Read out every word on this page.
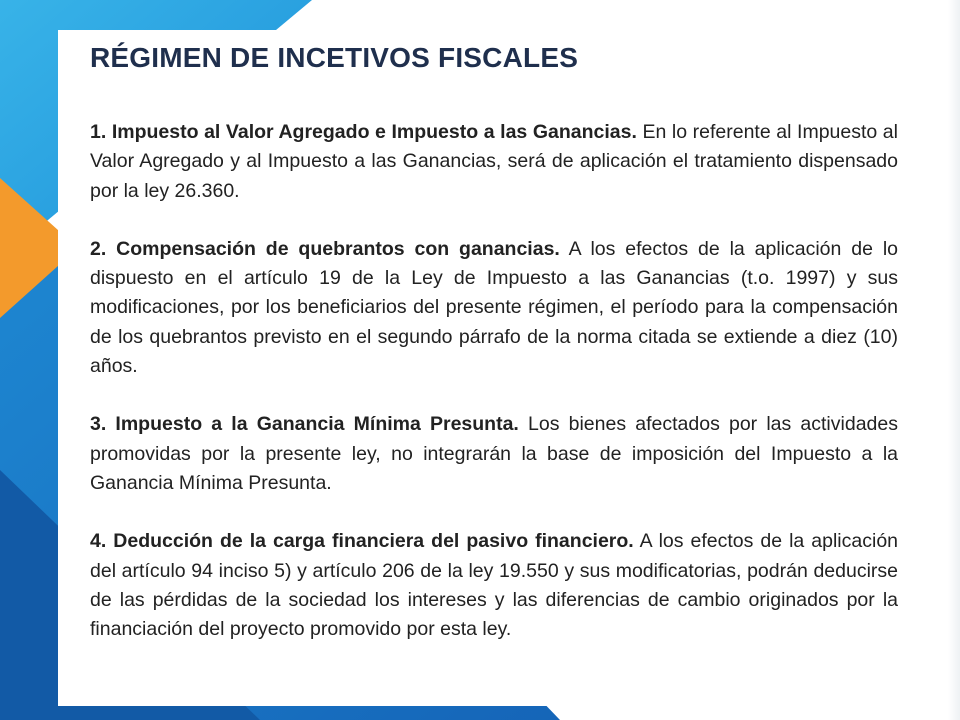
RÉGIMEN DE INCETIVOS FISCALES

1. Impuesto al Valor Agregado e Impuesto a las Ganancias. En lo referente al Impuesto al Valor Agregado y al Impuesto a las Ganancias, será de aplicación el tratamiento dispensado por la ley 26.360.

2. Compensación de quebrantos con ganancias. A los efectos de la aplicación de lo dispuesto en el artículo 19 de la Ley de Impuesto a las Ganancias (t.o. 1997) y sus modificaciones, por los beneficiarios del presente régimen, el período para la compensación de los quebrantos previsto en el segundo párrafo de la norma citada se extiende a diez (10) años.

3. Impuesto a la Ganancia Mínima Presunta. Los bienes afectados por las actividades promovidas por la presente ley, no integrarán la base de imposición del Impuesto a la Ganancia Mínima Presunta.

4. Deducción de la carga financiera del pasivo financiero. A los efectos de la aplicación del artículo 94 inciso 5) y artículo 206 de la ley 19.550 y sus modificatorias, podrán deducirse de las pérdidas de la sociedad los intereses y las diferencias de cambio originados por la financiación del proyecto promovido por esta ley.
